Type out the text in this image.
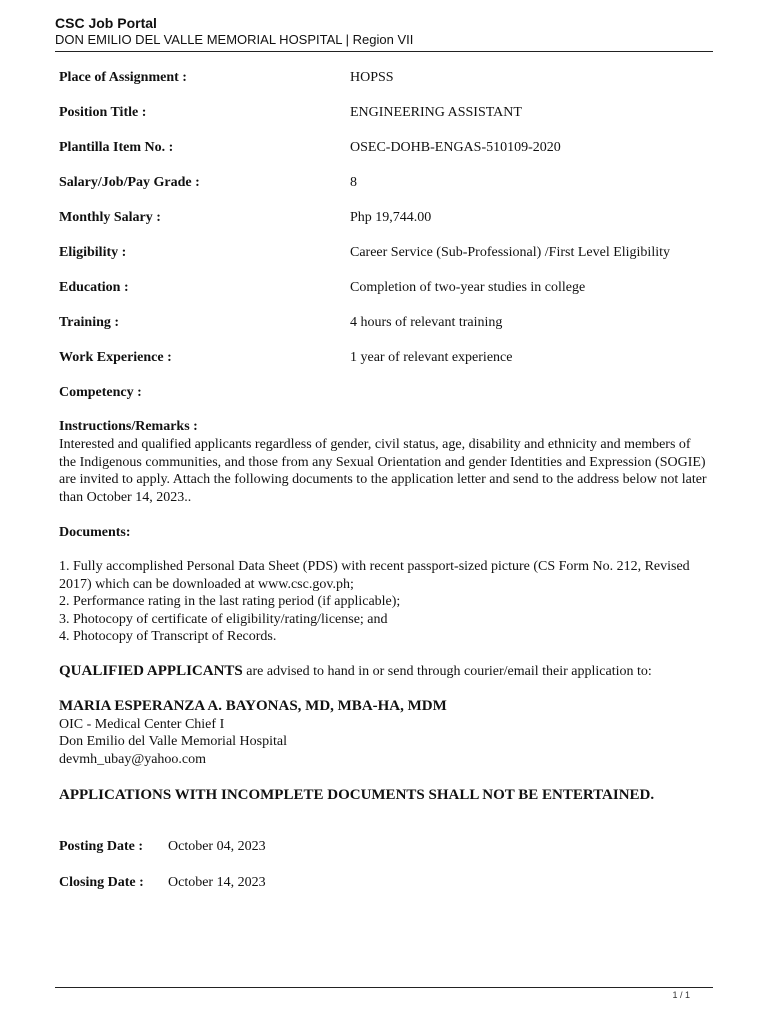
CSC Job Portal
DON EMILIO DEL VALLE MEMORIAL HOSPITAL | Region VII
Place of Assignment :	HOPSS
Position Title :	ENGINEERING ASSISTANT
Plantilla Item No. :	OSEC-DOHB-ENGAS-510109-2020
Salary/Job/Pay Grade :	8
Monthly Salary :	Php 19,744.00
Eligibility :	Career Service (Sub-Professional) /First Level Eligibility
Education :	Completion of two-year studies in college
Training :	4 hours of relevant training
Work Experience :	1 year of relevant experience
Competency :
Instructions/Remarks :
Interested and qualified applicants regardless of gender, civil status, age, disability and ethnicity and members of the Indigenous communities, and those from any Sexual Orientation and gender Identities and Expression (SOGIE) are invited to apply. Attach the following documents to the application letter and send to the address below not later than October 14, 2023..
Documents:
1. Fully accomplished Personal Data Sheet (PDS) with recent passport-sized picture (CS Form No. 212, Revised 2017) which can be downloaded at www.csc.gov.ph;
2. Performance rating in the last rating period (if applicable);
3. Photocopy of certificate of eligibility/rating/license; and
4. Photocopy of Transcript of Records.
QUALIFIED APPLICANTS are advised to hand in or send through courier/email their application to:
MARIA ESPERANZA A. BAYONAS, MD, MBA-HA, MDM
OIC - Medical Center Chief I
Don Emilio del Valle Memorial Hospital
devmh_ubay@yahoo.com
APPLICATIONS WITH INCOMPLETE DOCUMENTS SHALL NOT BE ENTERTAINED.
Posting Date : October 04, 2023
Closing Date : October 14, 2023
1 / 1
